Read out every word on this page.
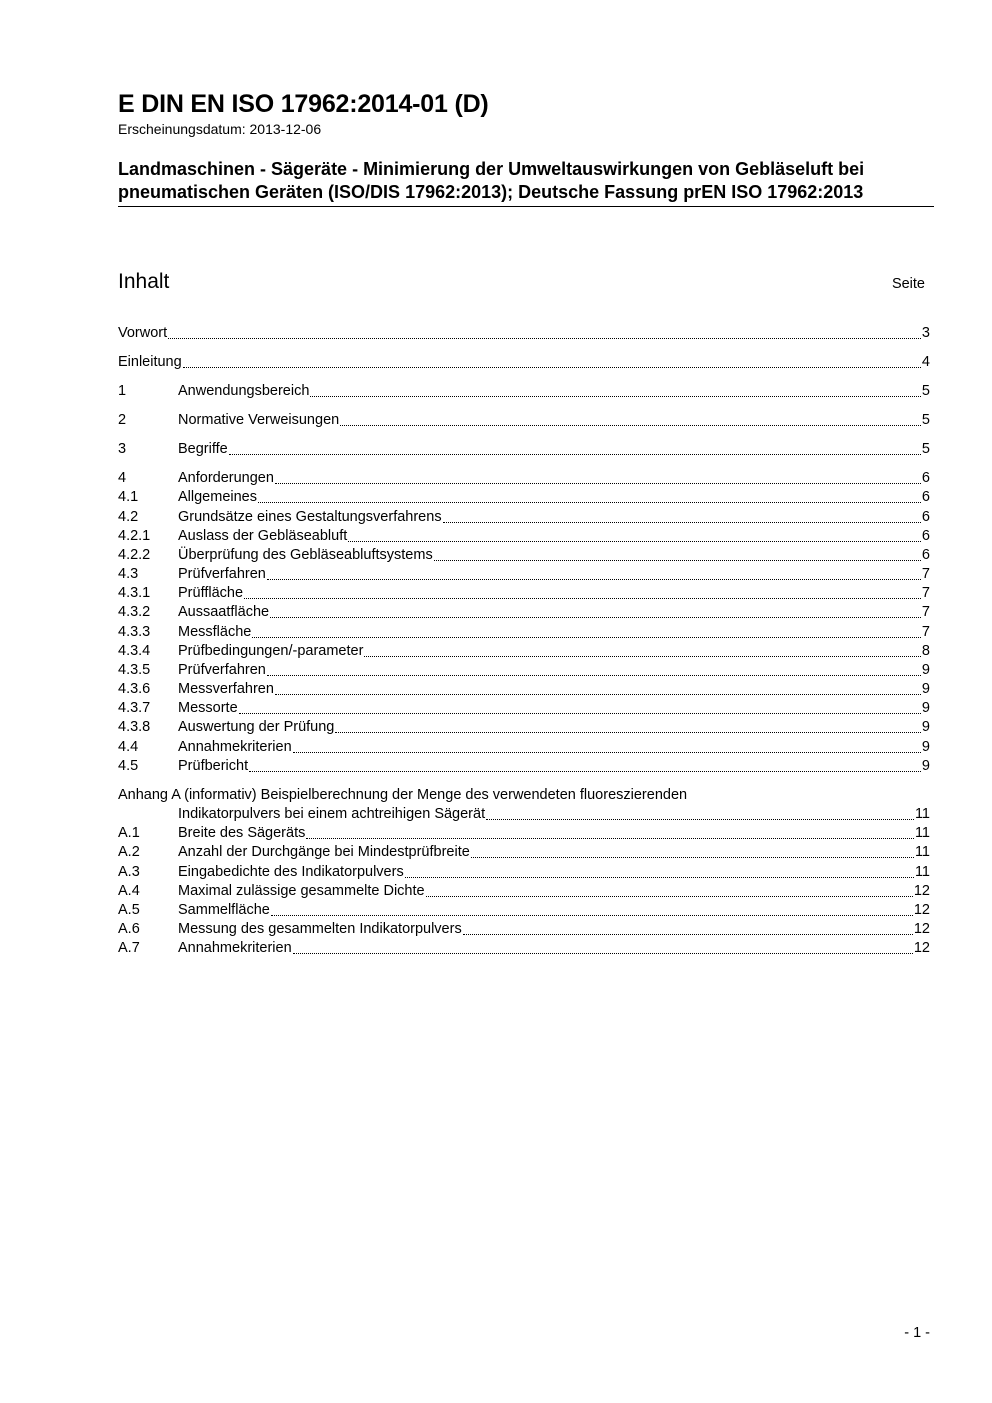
E DIN EN ISO 17962:2014-01 (D)
Erscheinungsdatum: 2013-12-06
Landmaschinen - Sägeräte - Minimierung der Umweltauswirkungen von Gebläseluft bei pneumatischen Geräten (ISO/DIS 17962:2013); Deutsche Fassung prEN ISO 17962:2013
Inhalt	Seite
Vorwort	3
Einleitung	4
1	Anwendungsbereich	5
2	Normative Verweisungen	5
3	Begriffe	5
4	Anforderungen	6
4.1	Allgemeines	6
4.2	Grundsätze eines Gestaltungsverfahrens	6
4.2.1	Auslass der Gebläseabluft	6
4.2.2	Überprüfung des Gebläseabluftsystems	6
4.3	Prüfverfahren	7
4.3.1	Prüffläche	7
4.3.2	Aussaatfläche	7
4.3.3	Messfläche	7
4.3.4	Prüfbedingungen/-parameter	8
4.3.5	Prüfverfahren	9
4.3.6	Messverfahren	9
4.3.7	Messorte	9
4.3.8	Auswertung der Prüfung	9
4.4	Annahmekriterien	9
4.5	Prüfbericht	9
Anhang A (informativ) Beispielberechnung der Menge des verwendeten fluoreszierenden
Indikatorpulvers bei einem achtreihigen Sägerät	11
A.1	Breite des Sägeräts	11
A.2	Anzahl der Durchgänge bei Mindestprüfbreite	11
A.3	Eingabedichte des Indikatorpulvers	11
A.4	Maximal zulässige gesammelte Dichte	12
A.5	Sammelfläche	12
A.6	Messung des gesammelten Indikatorpulvers	12
A.7	Annahmekriterien	12
- 1 -
